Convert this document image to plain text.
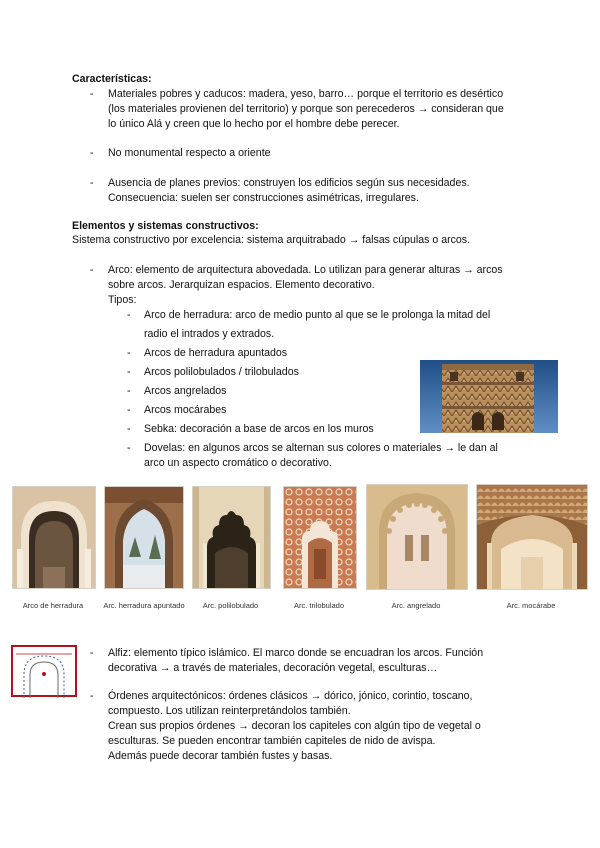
Características:
- Materiales pobres y caducos: madera, yeso, barro… porque el territorio es desértico

(los materiales provienen del territorio) y porque son perecederos → consideran que

lo único Alá y creen que lo hecho por el hombre debe perecer.

- No monumental respecto a oriente

- Ausencia de planes previos: construyen los edificios según sus necesidades.

Consecuencia: suelen ser construcciones asimétricas, irregulares.

Elementos y sistemas constructivos:
Sistema constructivo por excelencia: sistema arquitrabado → falsas cúpulas o arcos.
- Arco: elemento de arquitectura abovedada. Lo utilizan para generar alturas → arcos

sobre arcos. Jerarquizan espacios. Elemento decorativo.

Tipos:

- Arco de herradura: arco de medio punto al que se le prolonga la mitad del
radio el intrados y extrados.
- Arcos de herradura apuntados
- Arcos polilobulados / trilobulados
- Arcos angrelados
- Arcos mocárabes
- Sebka: decoración a base de arcos en los muros
- Dovelas: en algunos arcos se alternan sus colores o materiales → le dan al
arco un aspecto cromático o decorativo.
Arco de herradura	Arc. herradura apuntado	Arc. polilobulado	Arc. trilobulado	Arc. angrelado	Arc. mocárabe
- Alfiz: elemento típico islámico. El marco donde se encuadran los arcos. Función

decorativa → a través de materiales, decoración vegetal, esculturas…

- Órdenes arquitectónicos: órdenes clásicos → dórico, jónico, corintio, toscano,

compuesto. Los utilizan reinterpretándolos también.

Crean sus propios órdenes → decoran los capiteles con algún tipo de vegetal o

esculturas. Se pueden encontrar también capiteles de nido de avispa.

Además puede decorar también fustes y basas.
